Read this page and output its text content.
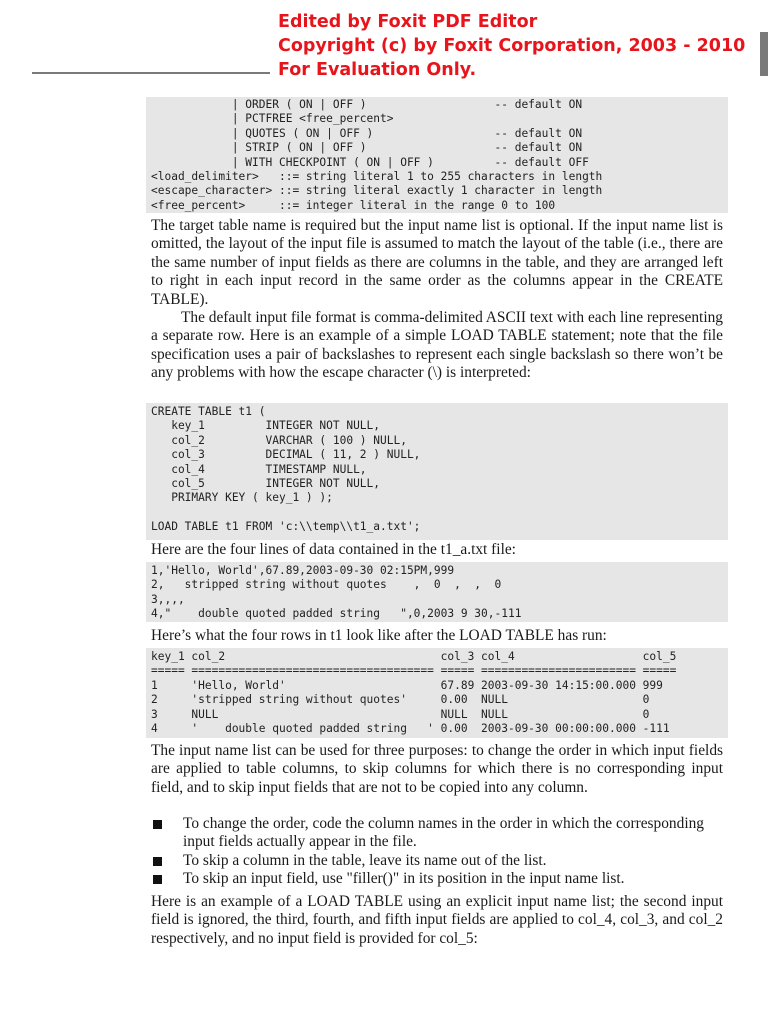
Edited by Foxit PDF Editor
Copyright (c) by Foxit Corporation, 2003 - 2010
For Evaluation Only.
| ORDER ( ON | OFF )                   -- default ON
| PCTFREE <free_percent>
| QUOTES ( ON | OFF )                  -- default ON
| STRIP ( ON | OFF )                   -- default ON
| WITH CHECKPOINT ( ON | OFF )         -- default OFF
<load_delimiter>   ::= string literal 1 to 255 characters in length
<escape_character> ::= string literal exactly 1 character in length
<free_percent>     ::= integer literal in the range 0 to 100

The target table name is required but the input name list is optional. If the input name list is omitted, the layout of the input file is assumed to match the layout of the table (i.e., there are the same number of input fields as there are columns in the table, and they are arranged left to right in each input record in the same order as the columns appear in the CREATE TABLE).

The default input file format is comma-delimited ASCII text with each line representing a separate row. Here is an example of a simple LOAD TABLE statement; note that the file specification uses a pair of backslashes to represent each single backslash so there won’t be any problems with how the escape character (\) is interpreted:

CREATE TABLE t1 (
key_1         INTEGER NOT NULL,
col_2         VARCHAR ( 100 ) NULL,
col_3         DECIMAL ( 11, 2 ) NULL,
col_4         TIMESTAMP NULL,
col_5         INTEGER NOT NULL,
PRIMARY KEY ( key_1 ) );
LOAD TABLE t1 FROM 'c:\\temp\\t1_a.txt';

Here are the four lines of data contained in the t1_a.txt file:

1,'Hello, World',67.89,2003-09-30 02:15PM,999
2,   stripped string without quotes    ,  0  ,  ,  0
3,,,,
4,"    double quoted padded string   ",0,2003 9 30,-111

Here’s what the four rows in t1 look like after the LOAD TABLE has run:

key_1 col_2                                col_3 col_4                   col_5
===== ==================================== ===== ======================= =====
1     'Hello, World'                       67.89 2003-09-30 14:15:00.000 999
2     'stripped string without quotes'     0.00  NULL                    0
3     NULL                                 NULL  NULL                    0
4     '    double quoted padded string   ' 0.00  2003-09-30 00:00:00.000 -111

The input name list can be used for three purposes: to change the order in which input fields are applied to table columns, to skip columns for which there is no corresponding input field, and to skip input fields that are not to be copied into any column.

To change the order, code the column names in the order in which the corresponding input fields actually appear in the file.
To skip a column in the table, leave its name out of the list.
To skip an input field, use "filler()" in its position in the input name list.

Here is an example of a LOAD TABLE using an explicit input name list; the second input field is ignored, the third, fourth, and fifth input fields are applied to col_4, col_3, and col_2 respectively, and no input field is provided for col_5:
